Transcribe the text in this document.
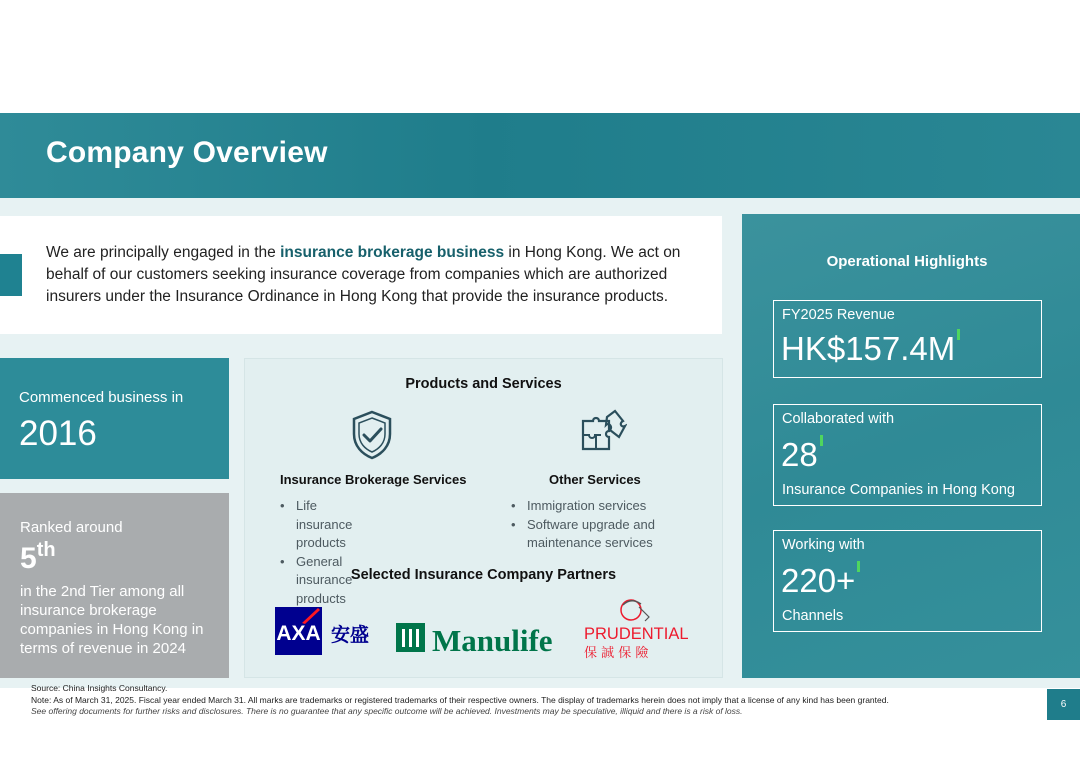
Company Overview
We are principally engaged in the insurance brokerage business in Hong Kong. We act on behalf of our customers seeking insurance coverage from companies which are authorized insurers under the Insurance Ordinance in Hong Kong that provide the insurance products.
Commenced business in
2016
Ranked around
5th
in the 2nd Tier among all insurance brokerage companies in Hong Kong in terms of revenue in 2024
Products and Services
Insurance Brokerage Services
• Life insurance products
• General insurance products
Other Services
• Immigration services
• Software upgrade and maintenance services
Selected Insurance Company Partners
AXA 安盛 Manulife PRUDENTIAL
保 誠 保 險
Operational Highlights
FY2025 Revenue
HK$157.4M
Collaborated with
28
Insurance Companies in Hong Kong
Working with
220+
Channels
Source: China Insights Consultancy.
Note: As of March 31, 2025. Fiscal year ended March 31. All marks are trademarks or registered trademarks of their respective owners. The display of trademarks herein does not imply that a license of any kind has been granted.
See offering documents for further risks and disclosures. There is no guarantee that any specific outcome will be achieved. Investments may be speculative, illiquid and there is a risk of loss.
6
